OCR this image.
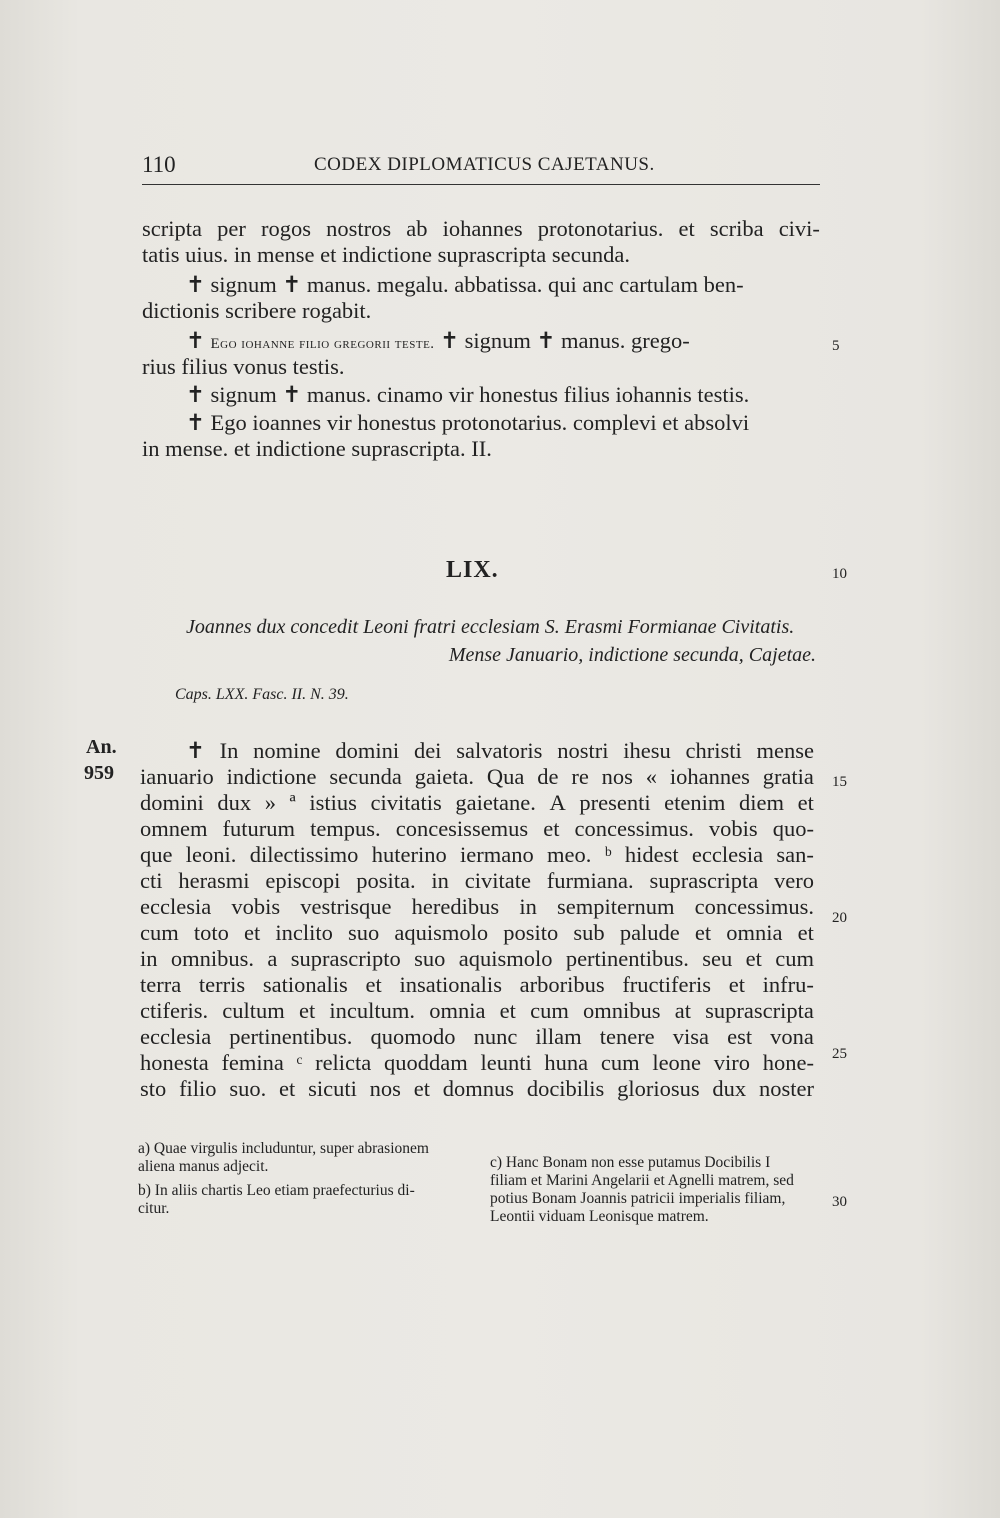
110	CODEX DIPLOMATICUS CAJETANUS.
scripta per rogos nostros ab iohannes protonotarius. et scriba civi-
tatis uius. in mense et indictione suprascripta secunda.
✝ signum ✝ manus. megalu. abbatissa. qui anc cartulam ben-
dictionis scribere rogabit.
✝ Ego iohanne filio gregorii teste. ✝ signum ✝ manus. grego-
rius filius vonus testis.
✝ signum ✝ manus. cinamo vir honestus filius iohannis testis.
✝ Ego ioannes vir honestus protonotarius. complevi et absolvi
in mense. et indictione suprascripta. II.
5
LIX.	10
Joannes dux concedit Leoni fratri ecclesiam S. Erasmi Formianae Civitatis.
Mense Januario, indictione secunda, Cajetae.
Caps. LXX. Fasc. II. N. 39.
An.
959
✝ In nomine domini dei salvatoris nostri ihesu christi mense
ianuario indictione secunda gaieta. Qua de re nos « iohannes gratia
domini dux » ª istius civitatis gaietane. A presenti etenim diem et
omnem futurum tempus. concesissemus et concessimus. vobis quo-
que leoni. dilectissimo huterino iermano meo. ᵇ hidest ecclesia san-
cti herasmi episcopi posita. in civitate furmiana. suprascripta vero
ecclesia vobis vestrisque heredibus in sempiternum concessimus.
cum toto et inclito suo aquismolo posito sub palude et omnia et
in omnibus. a suprascripto suo aquismolo pertinentibus. seu et cum
terra terris sationalis et insationalis arboribus fructiferis et infru-
ctiferis. cultum et incultum. omnia et cum omnibus at suprascripta
ecclesia pertinentibus. quomodo nunc illam tenere visa est vona
honesta femina ᶜ relicta quoddam leunti huna cum leone viro hone-
sto filio suo. et sicuti nos et domnus docibilis gloriosus dux noster
15
20
25
30
a) Quae virgulis includuntur, super abrasionem
aliena manus adjecit.
b) In aliis chartis Leo etiam praefecturius di-
citur.
c) Hanc Bonam non esse putamus Docibilis I
filiam et Marini Angelarii et Agnelli matrem, sed
potius Bonam Joannis patricii imperialis filiam,
Leontii viduam Leonisque matrem.
